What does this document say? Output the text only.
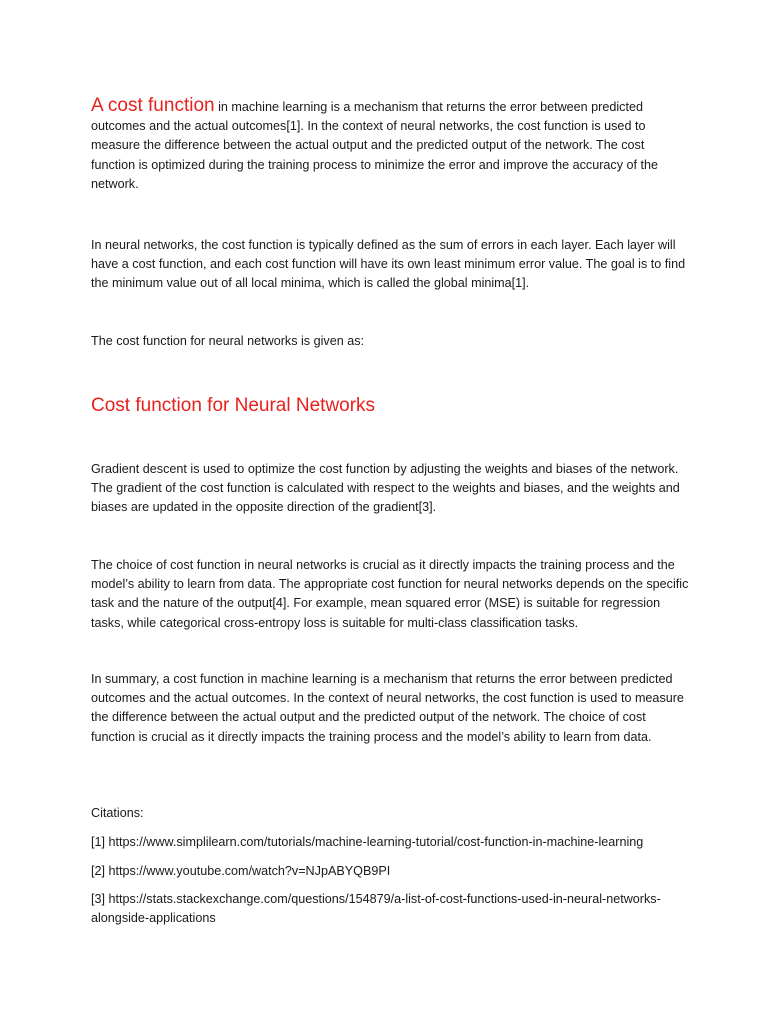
A cost function in machine learning is a mechanism that returns the error between predicted outcomes and the actual outcomes[1]. In the context of neural networks, the cost function is used to measure the difference between the actual output and the predicted output of the network. The cost function is optimized during the training process to minimize the error and improve the accuracy of the network.

In neural networks, the cost function is typically defined as the sum of errors in each layer. Each layer will have a cost function, and each cost function will have its own least minimum error value. The goal is to find the minimum value out of all local minima, which is called the global minima[1].

The cost function for neural networks is given as:

Cost function for Neural Networks

Gradient descent is used to optimize the cost function by adjusting the weights and biases of the network. The gradient of the cost function is calculated with respect to the weights and biases, and the weights and biases are updated in the opposite direction of the gradient[3].

The choice of cost function in neural networks is crucial as it directly impacts the training process and the model’s ability to learn from data. The appropriate cost function for neural networks depends on the specific task and the nature of the output[4]. For example, mean squared error (MSE) is suitable for regression tasks, while categorical cross-entropy loss is suitable for multi-class classification tasks.

In summary, a cost function in machine learning is a mechanism that returns the error between predicted outcomes and the actual outcomes. In the context of neural networks, the cost function is used to measure the difference between the actual output and the predicted output of the network. The choice of cost function is crucial as it directly impacts the training process and the model’s ability to learn from data.

Citations:

[1] https://www.simplilearn.com/tutorials/machine-learning-tutorial/cost-function-in-machine-learning

[2] https://www.youtube.com/watch?v=NJpABYQB9PI

[3] https://stats.stackexchange.com/questions/154879/a-list-of-cost-functions-used-in-neural-networks-alongside-applications
